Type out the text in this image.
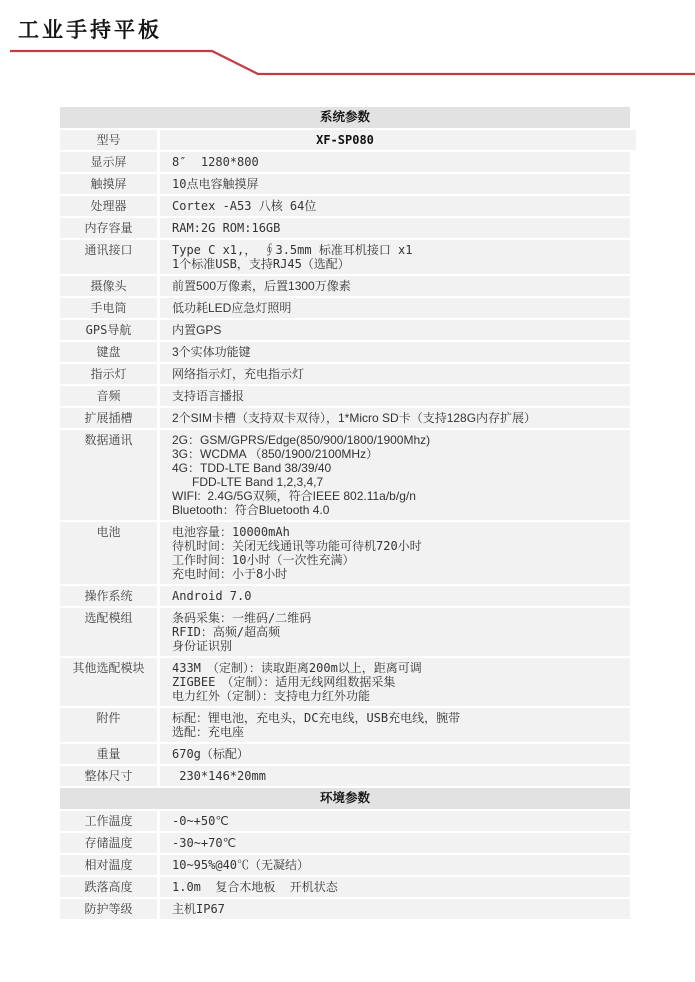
工业手持平板
系统参数
型号	XF-SP080
显示屏	8″  1280*800
触摸屏	10点电容触摸屏
处理器	Cortex -A53 八核 64位
内存容量	RAM:2G ROM:16GB
通讯接口	Type C x1,， ∮3.5mm 标准耳机接口 x1
1个标准USB，支持RJ45（选配）
摄像头	前置500万像素，后置1300万像素
手电筒	低功耗LED应急灯照明
GPS导航	内置GPS
键盘	3个实体功能键
指示灯	网络指示灯，充电指示灯
音频	支持语言播报
扩展插槽	2个SIM卡槽（支持双卡双待），1*Micro SD卡（支持128G内存扩展）
数据通讯	2G：GSM/GPRS/Edge(850/900/1800/1900Mhz)
3G：WCDMA （850/1900/2100MHz）
4G：TDD-LTE Band 38/39/40
FDD-LTE Band 1,2,3,4,7
WIFI:  2.4G/5G双频，符合IEEE 802.11a/b/g/n
Bluetooth：符合Bluetooth 4.0
电池	电池容量：10000mAh
待机时间：关闭无线通讯等功能可待机720小时
工作时间：10小时（一次性充满）
充电时间：小于8小时
操作系统	Android 7.0
选配模组	条码采集：一维码/二维码
RFID：高频/超高频
身份证识别
其他选配模块	433M　（定制）：读取距离200m以上，距离可调
ZIGBEE　（定制）：适用无线网组数据采集
电力红外（定制）：支持电力红外功能
附件	标配：锂电池，充电头，DC充电线，USB充电线，腕带
选配：充电座
重量	670g（标配）
整体尺寸	230*146*20mm
环境参数
工作温度	-0~+50℃
存储温度	-30~+70℃
相对温度	10~95%@40℃（无凝结）
跌落高度	1.0m  复合木地板  开机状态
防护等级	主机IP67
